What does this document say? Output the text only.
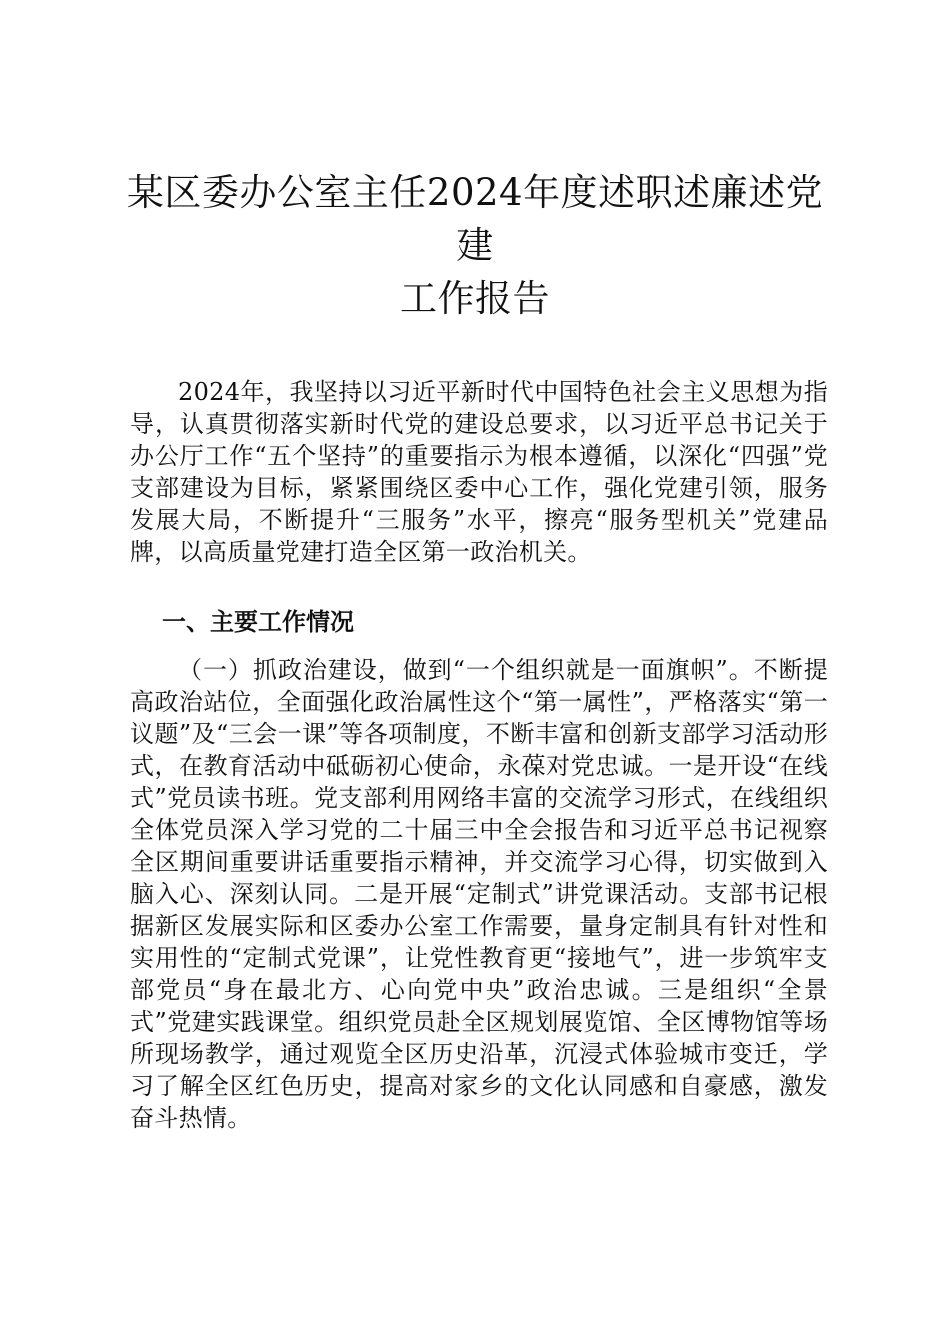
某区委办公室主任2024年度述职述廉述党建
工作报告

2024年，我坚持以习近平新时代中国特色社会主义思想为指导，认真贯彻落实新时代党的建设总要求，以习近平总书记关于办公厅工作“五个坚持”的重要指示为根本遵循，以深化“四强”党支部建设为目标，紧紧围绕区委中心工作，强化党建引领，服务发展大局，不断提升“三服务”水平，擦亮“服务型机关”党建品牌，以高质量党建打造全区第一政治机关。

一、主要工作情况

（一）抓政治建设，做到“一个组织就是一面旗帜”。不断提高政治站位，全面强化政治属性这个“第一属性”，严格落实“第一议题”及“三会一课”等各项制度，不断丰富和创新支部学习活动形式，在教育活动中砥砺初心使命，永葆对党忠诚。一是开设“在线式”党员读书班。党支部利用网络丰富的交流学习形式，在线组织全体党员深入学习党的二十届三中全会报告和习近平总书记视察全区期间重要讲话重要指示精神，并交流学习心得，切实做到入脑入心、深刻认同。二是开展“定制式”讲党课活动。支部书记根据新区发展实际和区委办公室工作需要，量身定制具有针对性和实用性的“定制式党课”，让党性教育更“接地气”，进一步筑牢支部党员“身在最北方、心向党中央”政治忠诚。三是组织“全景式”党建实践课堂。组织党员赴全区规划展览馆、全区博物馆等场所现场教学，通过观览全区历史沿革，沉浸式体验城市变迁，学习了解全区红色历史，提高对家乡的文化认同感和自豪感，激发奋斗热情。
